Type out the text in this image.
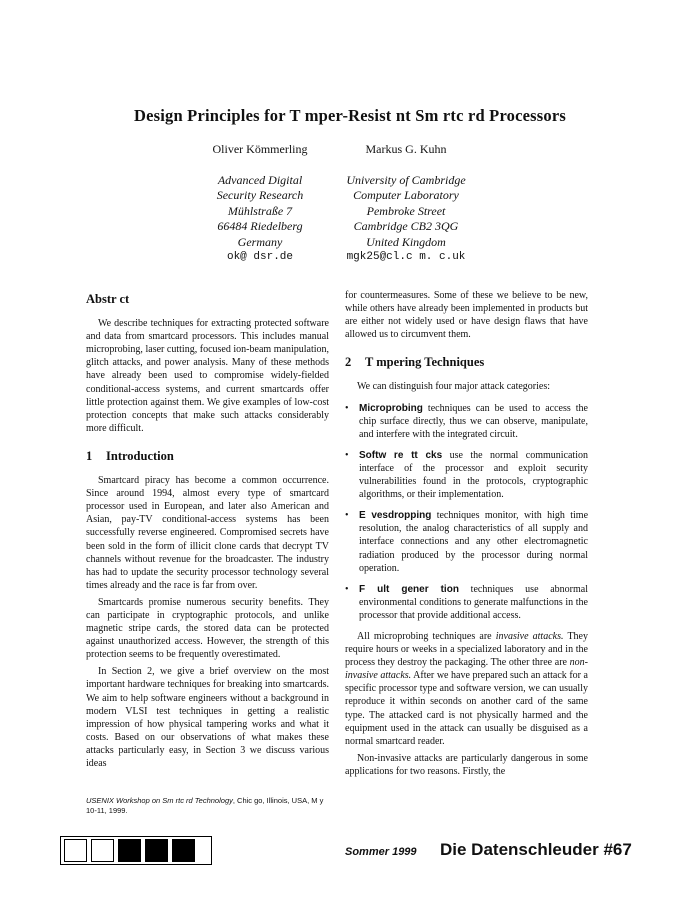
Design Principles for T mper-Resist nt Sm rtc rd Processors
Oliver Kömmerling
Advanced Digital
Security Research
Mühlstraße 7
66484 Riedelberg
Germany
ok@ dsr.de
Markus G. Kuhn
University of Cambridge
Computer Laboratory
Pembroke Street
Cambridge CB2 3QG
United Kingdom
mgk25@cl.c m. c.uk
Abstr ct

We describe techniques for extracting protected software and data from smartcard processors. This includes manual microprobing, laser cutting, focused ion-beam manipulation, glitch attacks, and power analysis. Many of these methods have already been used to compromise widely-fielded conditional-access systems, and current smartcards offer little protection against them. We give examples of low-cost protection concepts that make such attacks considerably more difficult.

1 Introduction

Smartcard piracy has become a common occurrence. Since around 1994, almost every type of smartcard processor used in European, and later also American and Asian, pay-TV conditional-access systems has been successfully reverse engineered. Compromised secrets have been sold in the form of illicit clone cards that decrypt TV channels without revenue for the broadcaster. The industry has had to update the security processor technology several times already and the race is far from over.

Smartcards promise numerous security benefits. They can participate in cryptographic protocols, and unlike magnetic stripe cards, the stored data can be protected against unauthorized access. However, the strength of this protection seems to be frequently overestimated.

In Section 2, we give a brief overview on the most important hardware techniques for breaking into smartcards. We aim to help software engineers without a background in modern VLSI test techniques in getting a realistic impression of how physical tampering works and what it costs. Based on our observations of what makes these attacks particularly easy, in Section 3 we discuss various ideas

for countermeasures. Some of these we believe to be new, while others have already been implemented in products but are either not widely used or have design flaws that have allowed us to circumvent them.

2 T mpering Techniques

We can distinguish four major attack categories:

• Microprobing techniques can be used to access the chip surface directly, thus we can observe, manipulate, and interfere with the integrated circuit.
• Softw re tt cks use the normal communication interface of the processor and exploit security vulnerabilities found in the protocols, cryptographic algorithms, or their implementation.
• E vesdropping techniques monitor, with high time resolution, the analog characteristics of all supply and interface connections and any other electromagnetic radiation produced by the processor during normal operation.
• F ult gener tion techniques use abnormal environmental conditions to generate malfunctions in the processor that provide additional access.

All microprobing techniques are invasive attacks. They require hours or weeks in a specialized laboratory and in the process they destroy the packaging. The other three are non-invasive attacks. After we have prepared such an attack for a specific processor type and software version, we can usually reproduce it within seconds on another card of the same type. The attacked card is not physically harmed and the equipment used in the attack can usually be disguised as a normal smartcard reader.

Non-invasive attacks are particularly dangerous in some applications for two reasons. Firstly, the

USENIX Workshop on Sm rtc rd Technology, Chic go, Illinois, USA, M y 10-11, 1999.
Sommer 1999 Die Datenschleuder #67
